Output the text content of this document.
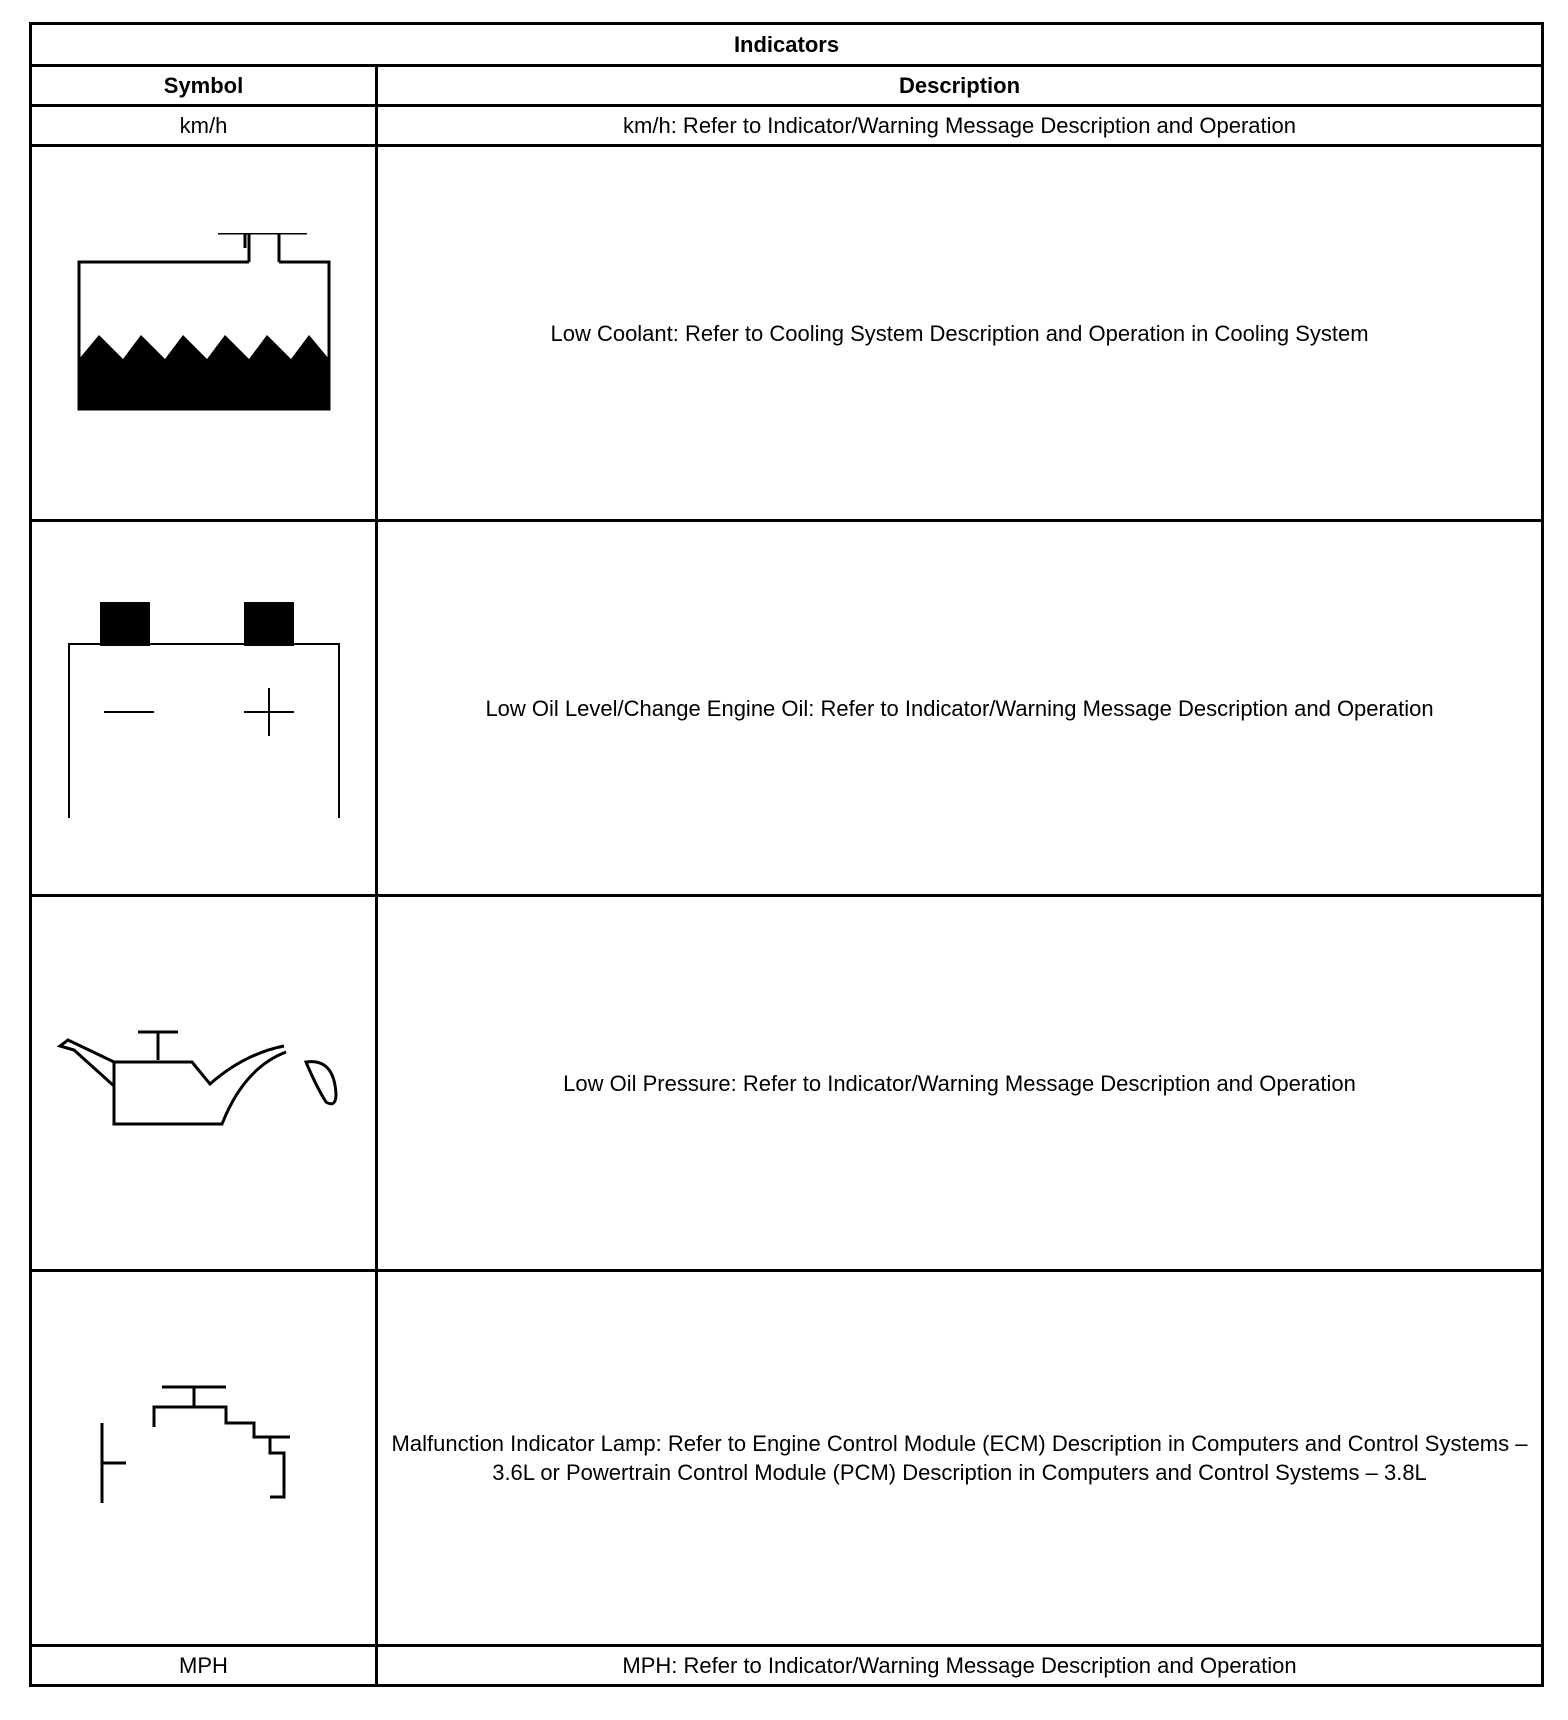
Indicators	
Symbol	Description
km/h	km/h: Refer to Indicator/Warning Message Description and Operation

	Low Coolant: Refer to Cooling System Description and Operation in Cooling System

	Low Oil Level/Change Engine Oil: Refer to Indicator/Warning Message Description and Operation

	Low Oil Pressure: Refer to Indicator/Warning Message Description and Operation

	Malfunction Indicator Lamp: Refer to Engine Control Module (ECM) Description in Computers and Control Systems – 3.6L or Powertrain Control Module (PCM) Description in Computers and Control Systems – 3.8L
MPH	MPH: Refer to Indicator/Warning Message Description and Operation
